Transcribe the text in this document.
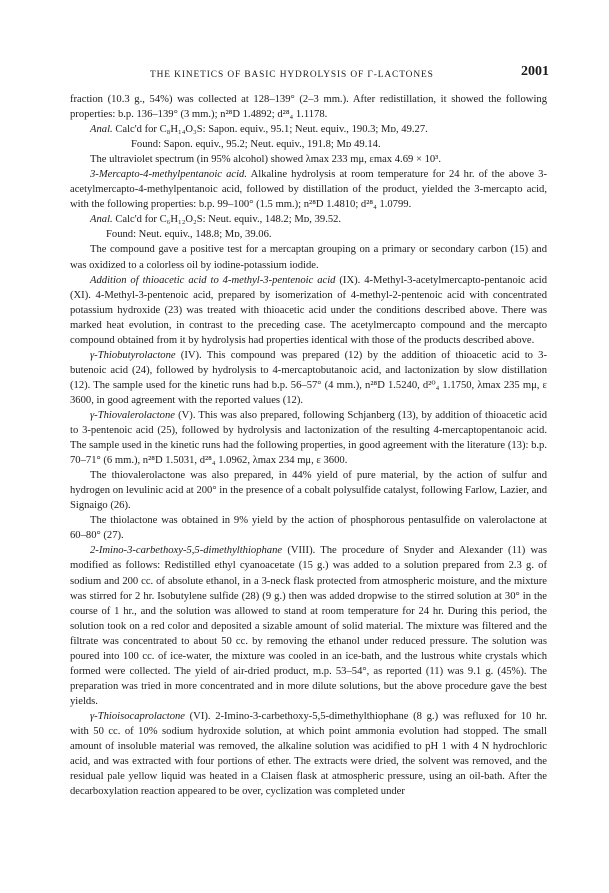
THE KINETICS OF BASIC HYDROLYSIS OF Γ-LACTONES	2001

fraction (10.3 g., 54%) was collected at 128–139° (2–3 mm.). After redistillation, it showed the following properties: b.p. 136–139° (3 mm.); n²⁸D 1.4892; d²⁸₄ 1.1178.

Anal. Calc'd for C₈H₁₄O₃S: Sapon. equiv., 95.1; Neut. equiv., 190.3; Mᴅ, 49.27.

Found: Sapon. equiv., 95.2; Neut. equiv., 191.8; Mᴅ 49.14.

The ultraviolet spectrum (in 95% alcohol) showed λmax 233 mμ, εmax 4.69 × 10³.

3-Mercapto-4-methylpentanoic acid. Alkaline hydrolysis at room temperature for 24 hr. of the above 3-acetylmercapto-4-methylpentanoic acid, followed by distillation of the product, yielded the 3-mercapto acid, with the following properties: b.p. 99–100° (1.5 mm.); n²⁸D 1.4810; d²⁸₄ 1.0799.

Anal. Calc'd for C₆H₁₂O₂S: Neut. equiv., 148.2; Mᴅ, 39.52.

Found: Neut. equiv., 148.8; Mᴅ, 39.06.

The compound gave a positive test for a mercaptan grouping on a primary or secondary carbon (15) and was oxidized to a colorless oil by iodine-potassium iodide.

Addition of thioacetic acid to 4-methyl-3-pentenoic acid (IX). 4-Methyl-3-acetylmercapto-pentanoic acid (XI). 4-Methyl-3-pentenoic acid, prepared by isomerization of 4-methyl-2-pentenoic acid with concentrated potassium hydroxide (23) was treated with thioacetic acid under the conditions described above. There was marked heat evolution, in contrast to the preceding case. The acetylmercapto compound and the mercapto compound obtained from it by hydrolysis had properties identical with those of the products described above.

γ-Thiobutyrolactone (IV). This compound was prepared (12) by the addition of thioacetic acid to 3-butenoic acid (24), followed by hydrolysis to 4-mercaptobutanoic acid, and lactonization by slow distillation (12). The sample used for the kinetic runs had b.p. 56–57° (4 mm.), n²⁸D 1.5240, d²⁰₄ 1.1750, λmax 235 mμ, ε 3600, in good agreement with the reported values (12).

γ-Thiovalerolactone (V). This was also prepared, following Schjanberg (13), by addition of thioacetic acid to 3-pentenoic acid (25), followed by hydrolysis and lactonization of the resulting 4-mercaptopentanoic acid. The sample used in the kinetic runs had the following properties, in good agreement with the literature (13): b.p. 70–71° (6 mm.), n²⁸D 1.5031, d²⁸₄ 1.0962, λmax 234 mμ, ε 3600.

The thiovalerolactone was also prepared, in 44% yield of pure material, by the action of sulfur and hydrogen on levulinic acid at 200° in the presence of a cobalt polysulfide catalyst, following Farlow, Lazier, and Signaigo (26).

The thiolactone was obtained in 9% yield by the action of phosphorous pentasulfide on valerolactone at 60–80° (27).

2-Imino-3-carbethoxy-5,5-dimethylthiophane (VIII). The procedure of Snyder and Alexander (11) was modified as follows: Redistilled ethyl cyanoacetate (15 g.) was added to a solution prepared from 2.3 g. of sodium and 200 cc. of absolute ethanol, in a 3-neck flask protected from atmospheric moisture, and the mixture was stirred for 2 hr. Isobutylene sulfide (28) (9 g.) then was added dropwise to the stirred solution at 30° in the course of 1 hr., and the solution was allowed to stand at room temperature for 24 hr. During this period, the solution took on a red color and deposited a sizable amount of solid material. The mixture was filtered and the filtrate was concentrated to about 50 cc. by removing the ethanol under reduced pressure. The solution was poured into 100 cc. of ice-water, the mixture was cooled in an ice-bath, and the lustrous white crystals which formed were collected. The yield of air-dried product, m.p. 53–54°, as reported (11) was 9.1 g. (45%). The preparation was tried in more concentrated and in more dilute solutions, but the above procedure gave the best yields.

γ-Thioisocaprolactone (VI). 2-Imino-3-carbethoxy-5,5-dimethylthiophane (8 g.) was refluxed for 10 hr. with 50 cc. of 10% sodium hydroxide solution, at which point ammonia evolution had stopped. The small amount of insoluble material was removed, the alkaline solution was acidified to pH 1 with 4 N hydrochloric acid, and was extracted with four portions of ether. The extracts were dried, the solvent was removed, and the residual pale yellow liquid was heated in a Claisen flask at atmospheric pressure, using an oil-bath. After the decarboxylation reaction appeared to be over, cyclization was completed under
